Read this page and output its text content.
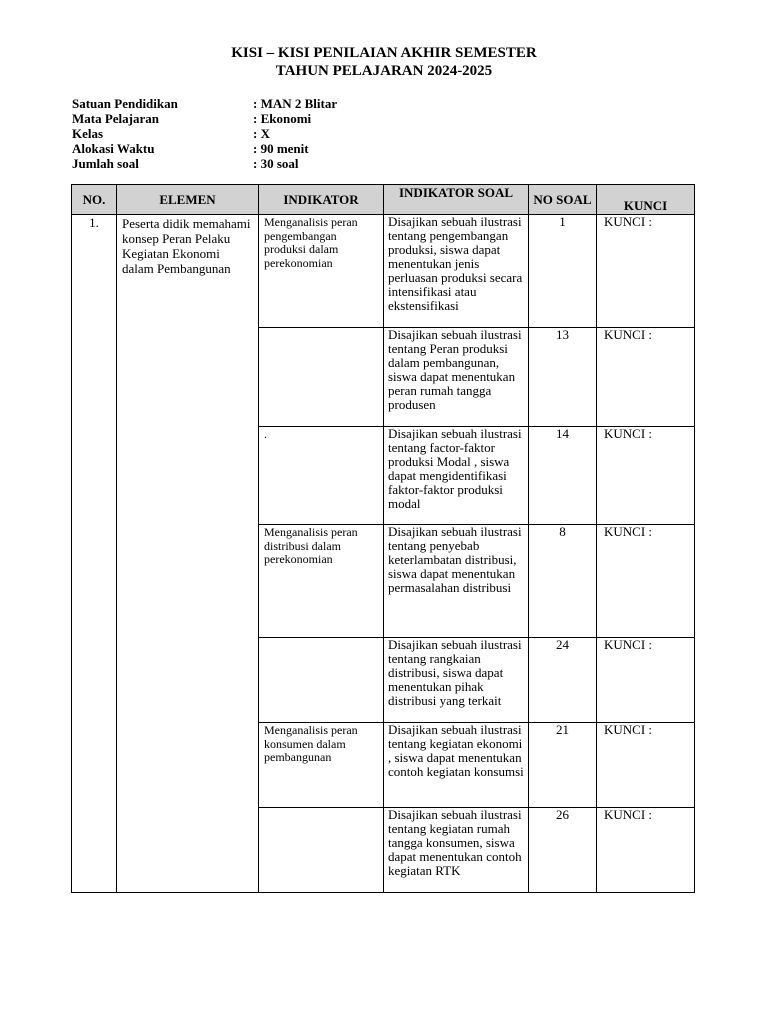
KISI – KISI PENILAIAN AKHIR SEMESTER
TAHUN PELAJARAN 2024-2025
Satuan Pendidikan	: MAN 2 Blitar
Mata Pelajaran	: Ekonomi
Kelas	: X
Alokasi Waktu	: 90 menit
Jumlah soal	: 30 soal
NO.	ELEMEN	INDIKATOR	INDIKATOR SOAL	NO SOAL	KUNCI
1.	Peserta didik memahami konsep Peran Pelaku Kegiatan Ekonomi dalam Pembangunan	Menganalisis peran pengembangan produksi dalam perekonomian	Disajikan sebuah ilustrasi tentang pengembangan produksi, siswa dapat menentukan jenis perluasan produksi secara intensifikasi atau ekstensifikasi	1	KUNCI :
			Disajikan sebuah ilustrasi tentang Peran produksi dalam pembangunan, siswa dapat menentukan peran rumah tangga produsen	13	KUNCI :
		.	Disajikan sebuah ilustrasi tentang factor-faktor produksi Modal , siswa dapat mengidentifikasi faktor-faktor produksi modal	14	KUNCI :
		Menganalisis peran distribusi dalam perekonomian	Disajikan sebuah ilustrasi tentang penyebab keterlambatan distribusi, siswa dapat menentukan permasalahan distribusi	8	KUNCI :
			Disajikan sebuah ilustrasi tentang rangkaian distribusi, siswa dapat menentukan pihak distribusi yang terkait	24	KUNCI :
		Menganalisis peran konsumen dalam pembangunan	Disajikan sebuah ilustrasi tentang kegiatan ekonomi , siswa dapat menentukan contoh kegiatan konsumsi	21	KUNCI :
			Disajikan sebuah ilustrasi tentang kegiatan rumah tangga konsumen, siswa dapat menentukan contoh kegiatan RTK	26	KUNCI :
